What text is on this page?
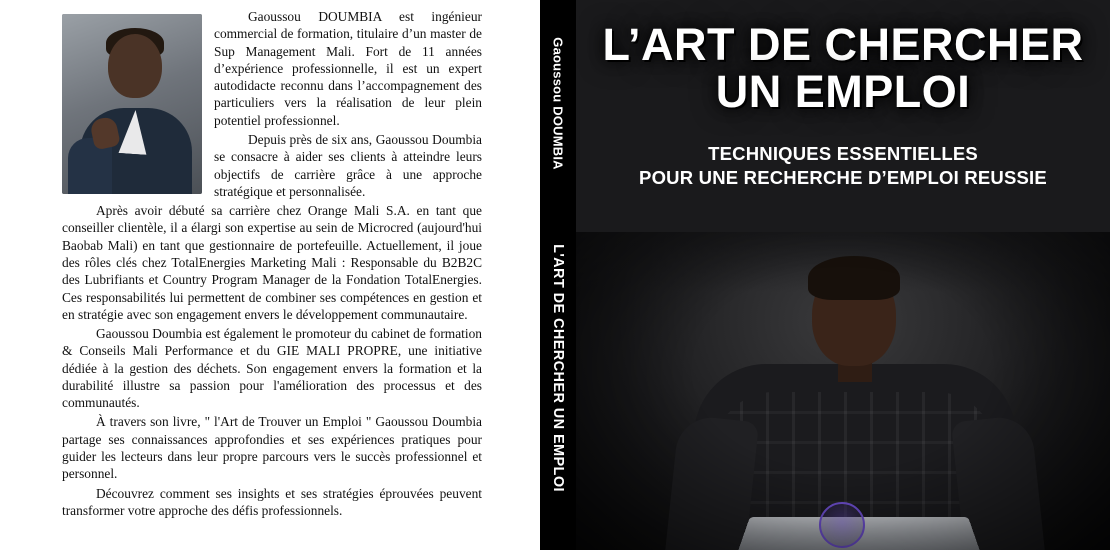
Gaoussou DOUMBIA est ingénieur commercial de formation, titulaire d’un master de Sup Management Mali. Fort de 11 années d’expérience professionnelle, il est un expert autodidacte reconnu dans l’accompagnement des particuliers vers la réalisation de leur plein potentiel professionnel.

Depuis près de six ans, Gaoussou Doumbia se consacre à aider ses clients à atteindre leurs objectifs de carrière grâce à une approche stratégique et personnalisée.

Après avoir débuté sa carrière chez Orange Mali S.A. en tant que conseiller clientèle, il a élargi son expertise au sein de Microcred (aujourd'hui Baobab Mali) en tant que gestionnaire de portefeuille. Actuellement, il joue des rôles clés chez TotalEnergies Marketing Mali : Responsable du B2B2C des Lubrifiants et Country Program Manager de la Fondation TotalEnergies. Ces responsabilités lui permettent de combiner ses compétences en gestion et en stratégie avec son engagement envers le développement communautaire.

Gaoussou Doumbia est également le promoteur du cabinet de formation & Conseils Mali Performance et du GIE MALI PROPRE, une initiative dédiée à la gestion des déchets. Son engagement envers la formation et la durabilité illustre sa passion pour l'amélioration des processus et des communautés.

À travers son livre, " l'Art de Trouver un Emploi " Gaoussou Doumbia partage ses connaissances approfondies et ses expériences pratiques pour guider les lecteurs dans leur propre parcours vers le succès professionnel et personnel.

Découvrez comment ses insights et ses stratégies éprouvées peuvent transformer votre approche des défis professionnels.

Gaoussou DOUMBIA
L'ART DE CHERCHER UN EMPLOI
L’ART DE CHERCHER
UN EMPLOI
TECHNIQUES ESSENTIELLES
POUR UNE RECHERCHE D’EMPLOI REUSSIE
